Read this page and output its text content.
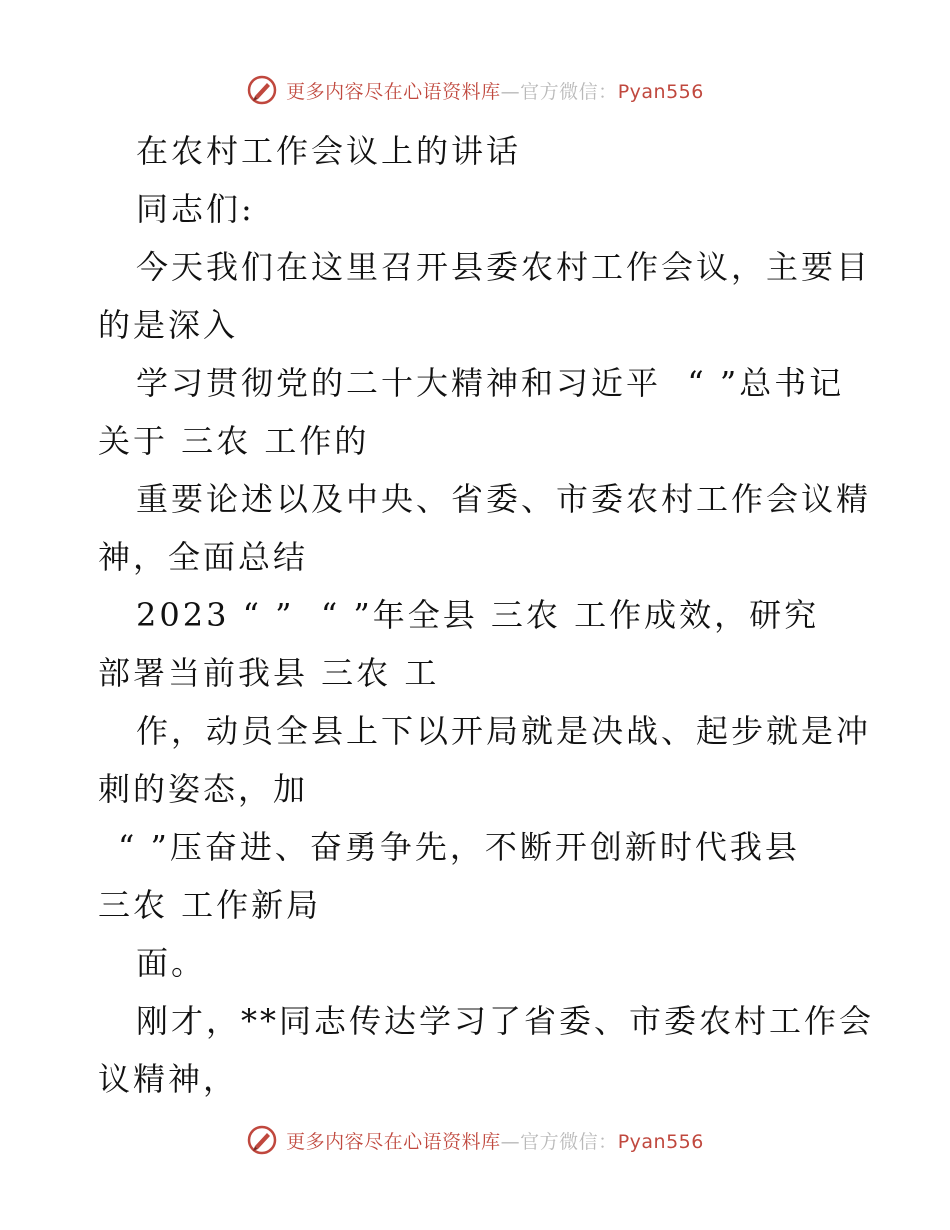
更多内容尽在心语资料库—官方微信：Pyan556
在农村工作会议上的讲话
同志们:
今天我们在这里召开县委农村工作会议，主要目
的是深入
学习贯彻党的二十大精神和习近平  “ ”总书记
关于 三农 工作的
重要论述以及中央、省委、市委农村工作会议精
神，全面总结
2023 “ ”  “ ”年全县 三农 工作成效，研究
部署当前我县 三农 工
作，动员全县上下以开局就是决战、起步就是冲
刺的姿态，加
“ ”压奋进、奋勇争先，不断开创新时代我县
三农 工作新局
面。
刚才，**同志传达学习了省委、市委农村工作会
议精神，
更多内容尽在心语资料库—官方微信：Pyan556
